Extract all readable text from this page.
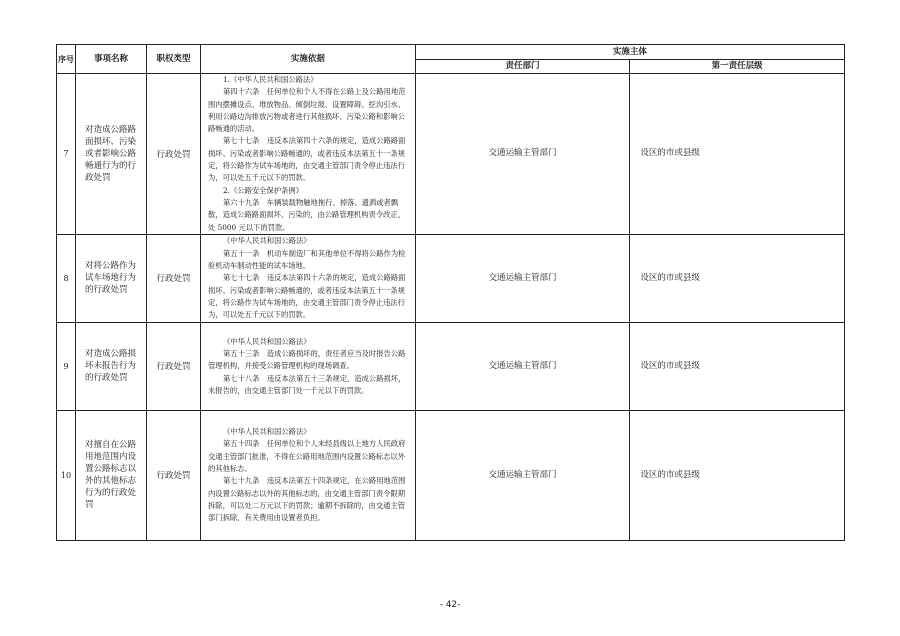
序号	事项名称	职权类型	实施依据	实施主体	
				责任部门	第一责任层级
7	对造成公路路面损坏、污染或者影响公路畅通行为的行政处罚	行政处罚	1.《中华人民共和国公路法》
第四十六条　任何单位和个人不得在公路上及公路用地范围内摆摊设点、堆放物品、倾倒垃圾、设置障碍、挖沟引水、利用公路边沟排放污物或者进行其他损坏、污染公路和影响公路畅通的活动。
第七十七条　违反本法第四十六条的规定，造成公路路面损坏、污染或者影响公路畅通的，或者违反本法第五十一条规定，将公路作为试车场地的，由交通主管部门责令停止违法行为，可以处五千元以下的罚款。
2.《公路安全保护条例》
第六十九条　车辆装载物触地拖行、掉落、遗洒或者飘散，造成公路路面损坏、污染的，由公路管理机构责令改正，处 5000 元以下的罚款。	交通运输主管部门	设区的市或县级
8	对将公路作为试车场地行为的行政处罚	行政处罚	《中华人民共和国公路法》
第五十一条　机动车制造厂和其他单位不得将公路作为检验机动车制动性能的试车场地。
第七十七条　违反本法第四十六条的规定，造成公路路面损坏、污染或者影响公路畅通的，或者违反本法第五十一条规定，将公路作为试车场地的，由交通主管部门责令停止违法行为，可以处五千元以下的罚款。	交通运输主管部门	设区的市或县级
9	对造成公路损坏未报告行为的行政处罚	行政处罚	《中华人民共和国公路法》
第五十三条　造成公路损坏的，责任者应当及时报告公路管理机构，并接受公路管理机构的现场调查。
第七十八条　违反本法第五十三条规定，造成公路损坏，未报告的，由交通主管部门处一千元以下的罚款。	交通运输主管部门	设区的市或县级
10	对擅自在公路用地范围内设置公路标志以外的其他标志行为的行政处罚	行政处罚	《中华人民共和国公路法》
第五十四条　任何单位和个人未经县级以上地方人民政府交通主管部门批准，不得在公路用地范围内设置公路标志以外的其他标志。
第七十九条　违反本法第五十四条规定，在公路用地范围内设置公路标志以外的其他标志的，由交通主管部门责令限期拆除，可以处二万元以下的罚款；逾期不拆除的，由交通主管部门拆除，有关费用由设置者负担。	交通运输主管部门	设区的市或县级
- 42-
